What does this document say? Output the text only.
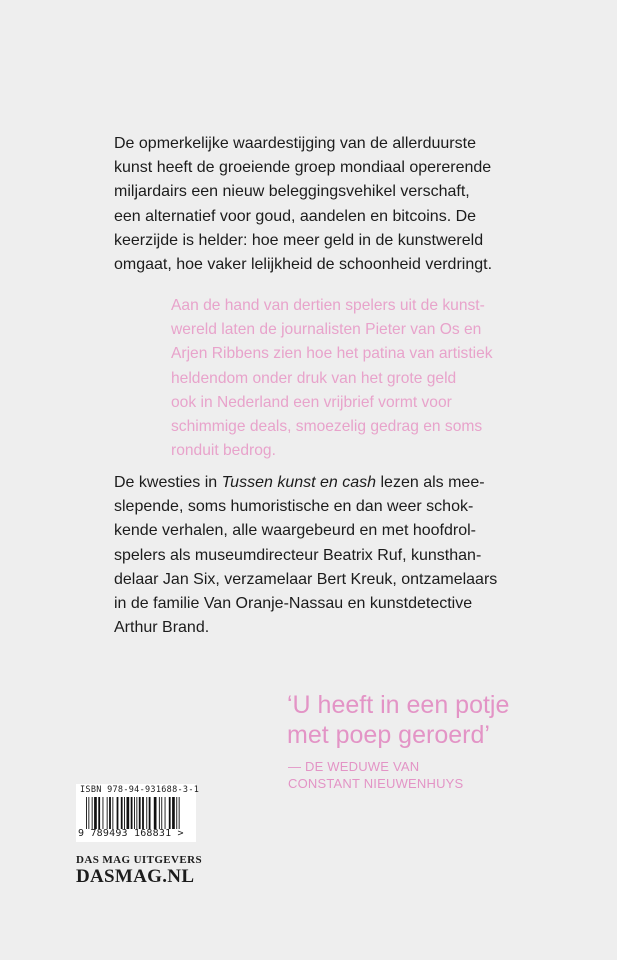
De opmerkelijke waardestijging van de allerduurste
kunst heeft de groeiende groep mondiaal opererende
miljardairs een nieuw beleggingsvehikel verschaft,
een alternatief voor goud, aandelen en bitcoins. De
keerzijde is helder: hoe meer geld in de kunstwereld
omgaat, hoe vaker lelijkheid de schoonheid verdringt.

Aan de hand van dertien spelers uit de kunst-
wereld laten de journalisten Pieter van Os en
Arjen Ribbens zien hoe het patina van artistiek
heldendom onder druk van het grote geld
ook in Nederland een vrijbrief vormt voor
schimmige deals, smoezelig gedrag en soms
ronduit bedrog.

De kwesties in Tussen kunst en cash lezen als mee-
slepende, soms humoristische en dan weer schok-
kende verhalen, alle waargebeurd en met hoofdrol-
spelers als museumdirecteur Beatrix Ruf, kunsthan-
delaar Jan Six, verzamelaar Bert Kreuk, ontzamelaars
in de familie Van Oranje-Nassau en kunstdetective
Arthur Brand.

‘U heeft in een potje
met poep geroerd’

— DE WEDUWE VAN
CONSTANT NIEUWENHUYS

ISBN 978-94-931688-3-1
9 789493 168831 >
DAS MAG UITGEVERS
DASMAG.NL
